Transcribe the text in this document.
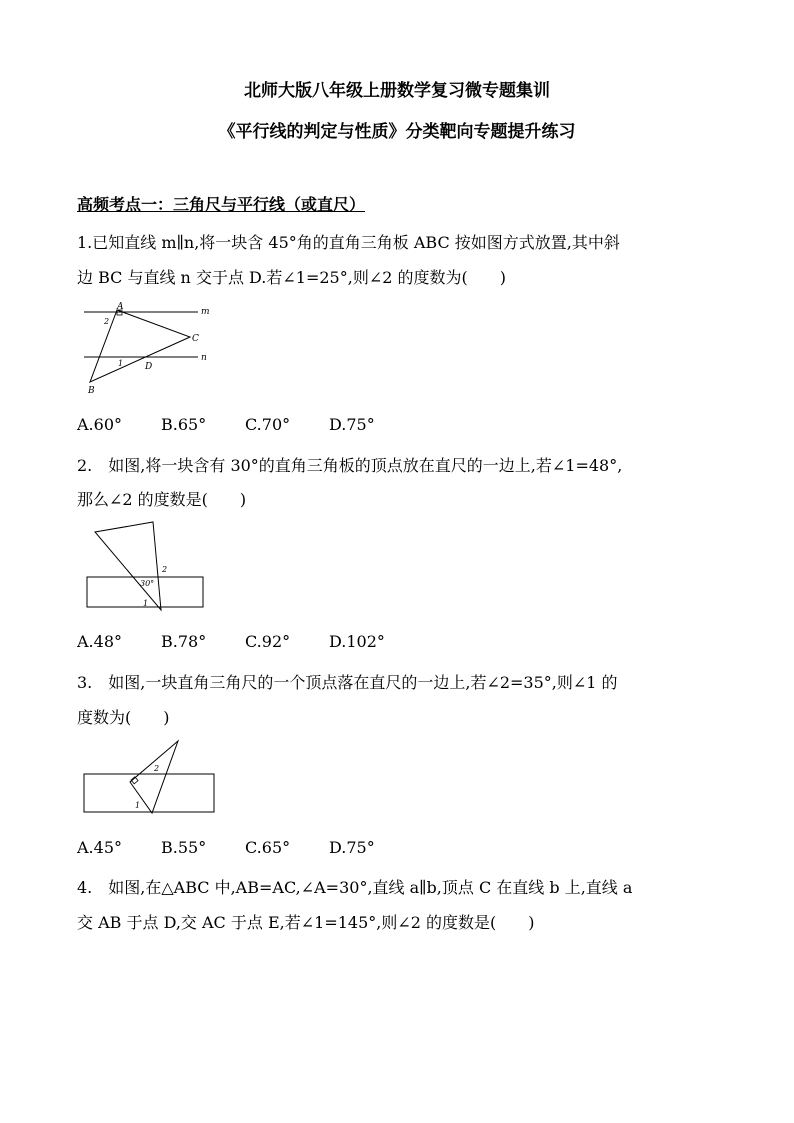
北师大版八年级上册数学复习微专题集训
《平行线的判定与性质》分类靶向专题提升练习
高频考点一：三角尺与平行线（或直尺）
1.已知直线 m∥n,将一块含 45°角的直角三角板 ABC 按如图方式放置,其中斜
边 BC 与直线 n 交于点 D.若∠1=25°,则∠2 的度数为(　　)
A
B
C
D
m
n
1
2
A.60°	B.65°	C.70°	D.75°
2.　如图,将一块含有 30°的直角三角板的顶点放在直尺的一边上,若∠1=48°,
那么∠2 的度数是(　　)
30°
1
2
A.48°	B.78°	C.92°	D.102°
3.　如图,一块直角三角尺的一个顶点落在直尺的一边上,若∠2=35°,则∠1 的
度数为(　　)
1
2
A.45°	B.55°	C.65°	D.75°
4.　如图,在△ABC 中,AB=AC,∠A=30°,直线 a∥b,顶点 C 在直线 b 上,直线 a
交 AB 于点 D,交 AC 于点 E,若∠1=145°,则∠2 的度数是(　　)
